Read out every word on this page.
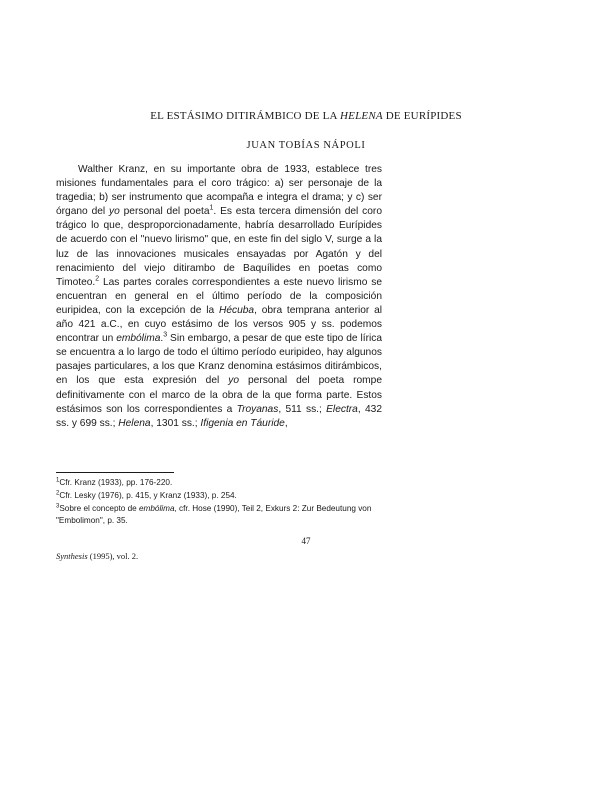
EL ESTÁSIMO DITIRÁMBICO DE LA HELENA DE EURÍPIDES
JUAN TOBÍAS NÁPOLI

Walther Kranz, en su importante obra de 1933, establece tres misiones fundamentales para el coro trágico: a) ser personaje de la tragedia; b) ser instrumento que acompaña e integra el drama; y c) ser órgano del yo personal del poeta$^1$. Es esta tercera dimensión del coro trágico lo que, desproporcionadamente, habría desarrollado Eurípides de acuerdo con el "nuevo lirismo" que, en este fin del siglo V, surge a la luz de las innovaciones musicales ensayadas por Agatón y del renacimiento del viejo ditirambo de Baquílides en poetas como Timoteo.$^2$ Las partes corales correspondientes a este nuevo lirismo se encuentran en general en el último período de la composición euripidea, con la excepción de la Hécuba, obra temprana anterior al año 421 a.C., en cuyo estásimo de los versos 905 y ss. podemos encontrar un embólima.$^3$ Sin embargo, a pesar de que este tipo de lírica se encuentra a lo largo de todo el último período euripideo, hay algunos pasajes particulares, a los que Kranz denomina estásimos ditirámbicos, en los que esta expresión del yo personal del poeta rompe definitivamente con el marco de la obra de la que forma parte. Estos estásimos son los correspondientes a Troyanas, 511 ss.; Electra, 432 ss. y 699 ss.; Helena, 1301 ss.; Ifigenia en Táuride,

$^1$Cfr. Kranz (1933), pp. 176-220.

$^2$Cfr. Lesky (1976), p. 415, y Kranz (1933), p. 254.

$^3$Sobre el concepto de embólima, cfr. Hose (1990), Teil 2, Exkurs 2: Zur Bedeutung von "Embolimon", p. 35.

47
Synthesis (1995), vol. 2.
